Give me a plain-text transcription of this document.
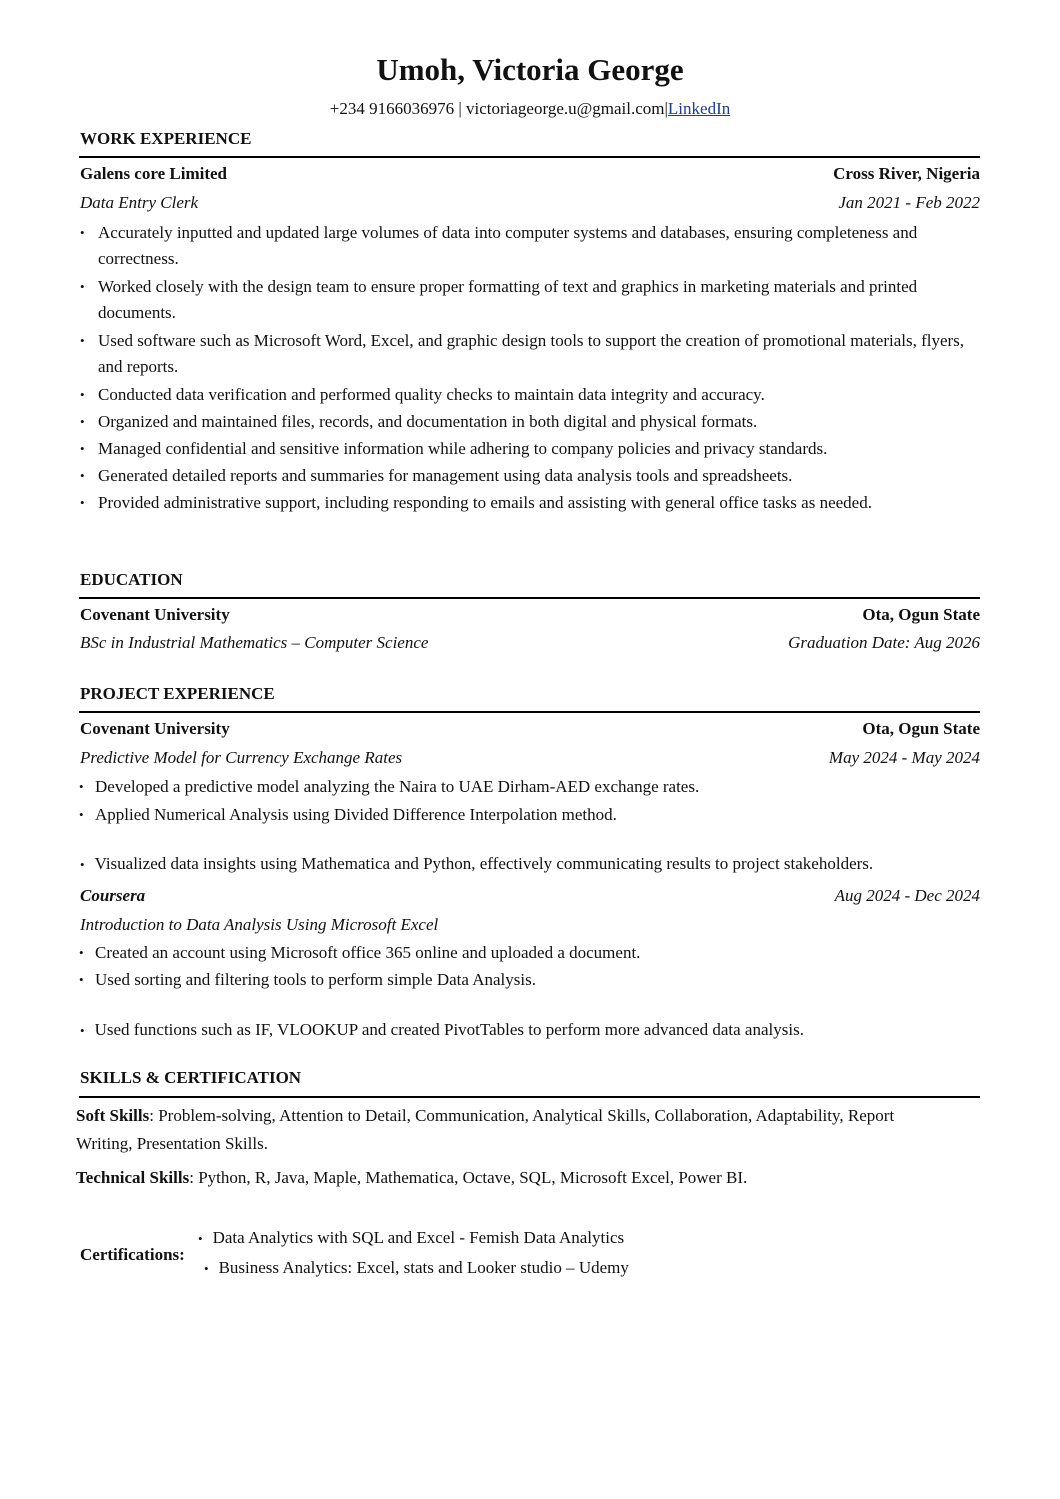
Umoh, Victoria George
+234 9166036976 | victoriageorge.u@gmail.com|LinkedIn
WORK EXPERIENCE
Galens core Limited	Cross River, Nigeria
Data Entry Clerk	Jan 2021 - Feb 2022
• Accurately inputted and updated large volumes of data into computer systems and databases, ensuring completeness and correctness.
• Worked closely with the design team to ensure proper formatting of text and graphics in marketing materials and printed documents.
• Used software such as Microsoft Word, Excel, and graphic design tools to support the creation of promotional materials, flyers, and reports.
• Conducted data verification and performed quality checks to maintain data integrity and accuracy.
• Organized and maintained files, records, and documentation in both digital and physical formats.
• Managed confidential and sensitive information while adhering to company policies and privacy standards.
• Generated detailed reports and summaries for management using data analysis tools and spreadsheets.
• Provided administrative support, including responding to emails and assisting with general office tasks as needed.
EDUCATION
Covenant University	Ota, Ogun State
BSc in Industrial Mathematics – Computer Science	Graduation Date: Aug 2026
PROJECT EXPERIENCE
Covenant University	Ota, Ogun State
Predictive Model for Currency Exchange Rates	May 2024 - May 2024
• Developed a predictive model analyzing the Naira to UAE Dirham-AED exchange rates.
• Applied Numerical Analysis using Divided Difference Interpolation method.
• Visualized data insights using Mathematica and Python, effectively communicating results to project stakeholders.
Coursera	Aug 2024 - Dec 2024
Introduction to Data Analysis Using Microsoft Excel
• Created an account using Microsoft office 365 online and uploaded a document.
• Used sorting and filtering tools to perform simple Data Analysis.
• Used functions such as IF, VLOOKUP and created PivotTables to perform more advanced data analysis.
SKILLS & CERTIFICATION
Soft Skills: Problem-solving, Attention to Detail, Communication, Analytical Skills, Collaboration, Adaptability, Report Writing, Presentation Skills.
Technical Skills: Python, R, Java, Maple, Mathematica, Octave, SQL, Microsoft Excel, Power BI.
Certifications:
• Data Analytics with SQL and Excel - Femish Data Analytics
• Business Analytics: Excel, stats and Looker studio – Udemy
